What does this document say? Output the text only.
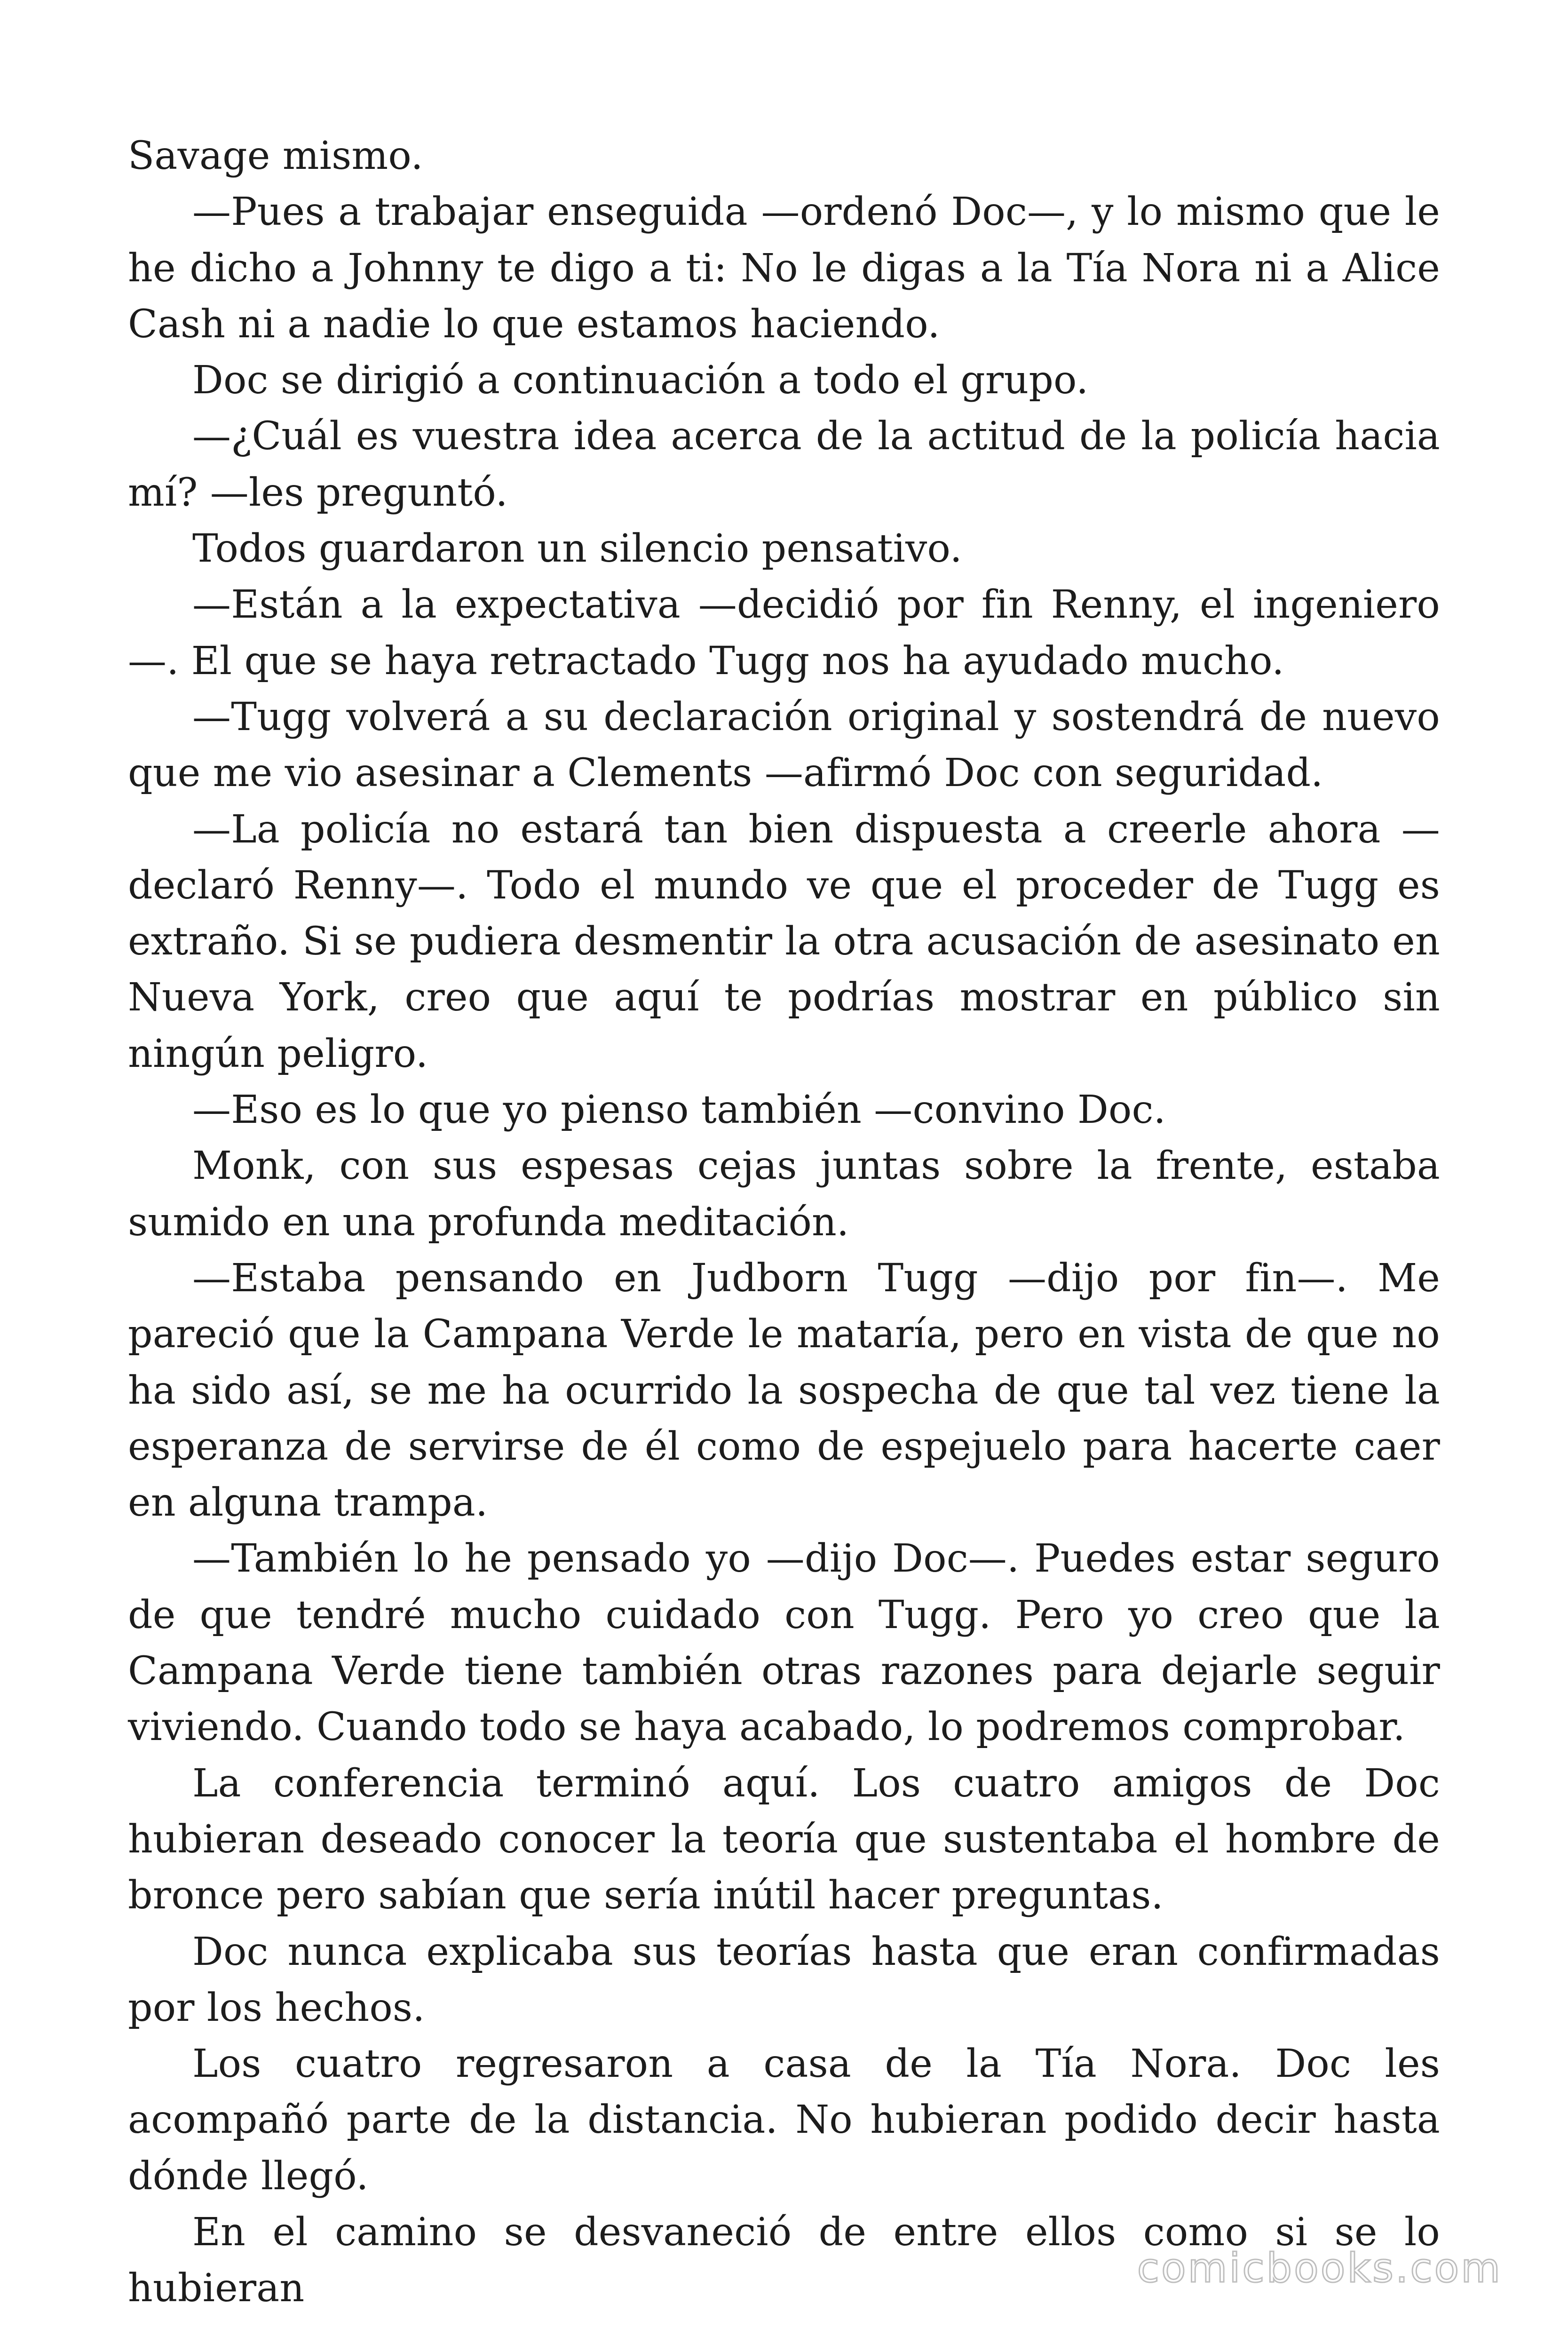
Savage mismo.

—Pues a trabajar enseguida —ordenó Doc—, y lo mismo que le he dicho a Johnny te digo a ti: No le digas a la Tía Nora ni a Alice Cash ni a nadie lo que estamos haciendo.

Doc se dirigió a continuación a todo el grupo.

—¿Cuál es vuestra idea acerca de la actitud de la policía hacia mí? —les preguntó.

Todos guardaron un silencio pensativo.

—Están a la expectativa —decidió por fin Renny, el ingeniero—. El que se haya retractado Tugg nos ha ayudado mucho.

—Tugg volverá a su declaración original y sostendrá de nuevo que me vio asesinar a Clements —afirmó Doc con seguridad.

—La policía no estará tan bien dispuesta a creerle ahora —declaró Renny—. Todo el mundo ve que el proceder de Tugg es extraño. Si se pudiera desmentir la otra acusación de asesinato en Nueva York, creo que aquí te podrías mostrar en público sin ningún peligro.

—Eso es lo que yo pienso también —convino Doc.

Monk, con sus espesas cejas juntas sobre la frente, estaba sumido en una profunda meditación.

—Estaba pensando en Judborn Tugg —dijo por fin—. Me pareció que la Campana Verde le mataría, pero en vista de que no ha sido así, se me ha ocurrido la sospecha de que tal vez tiene la esperanza de servirse de él como de espejuelo para hacerte caer en alguna trampa.

—También lo he pensado yo —dijo Doc—. Puedes estar seguro de que tendré mucho cuidado con Tugg. Pero yo creo que la Campana Verde tiene también otras razones para dejarle seguir viviendo. Cuando todo se haya acabado, lo podremos comprobar.

La conferencia terminó aquí. Los cuatro amigos de Doc hubieran deseado conocer la teoría que sustentaba el hombre de bronce pero sabían que sería inútil hacer preguntas.

Doc nunca explicaba sus teorías hasta que eran confirmadas por los hechos.

Los cuatro regresaron a casa de la Tía Nora. Doc les acompañó parte de la distancia. No hubieran podido decir hasta dónde llegó.

En el camino se desvaneció de entre ellos como si se lo hubieran	comicbooks.com
